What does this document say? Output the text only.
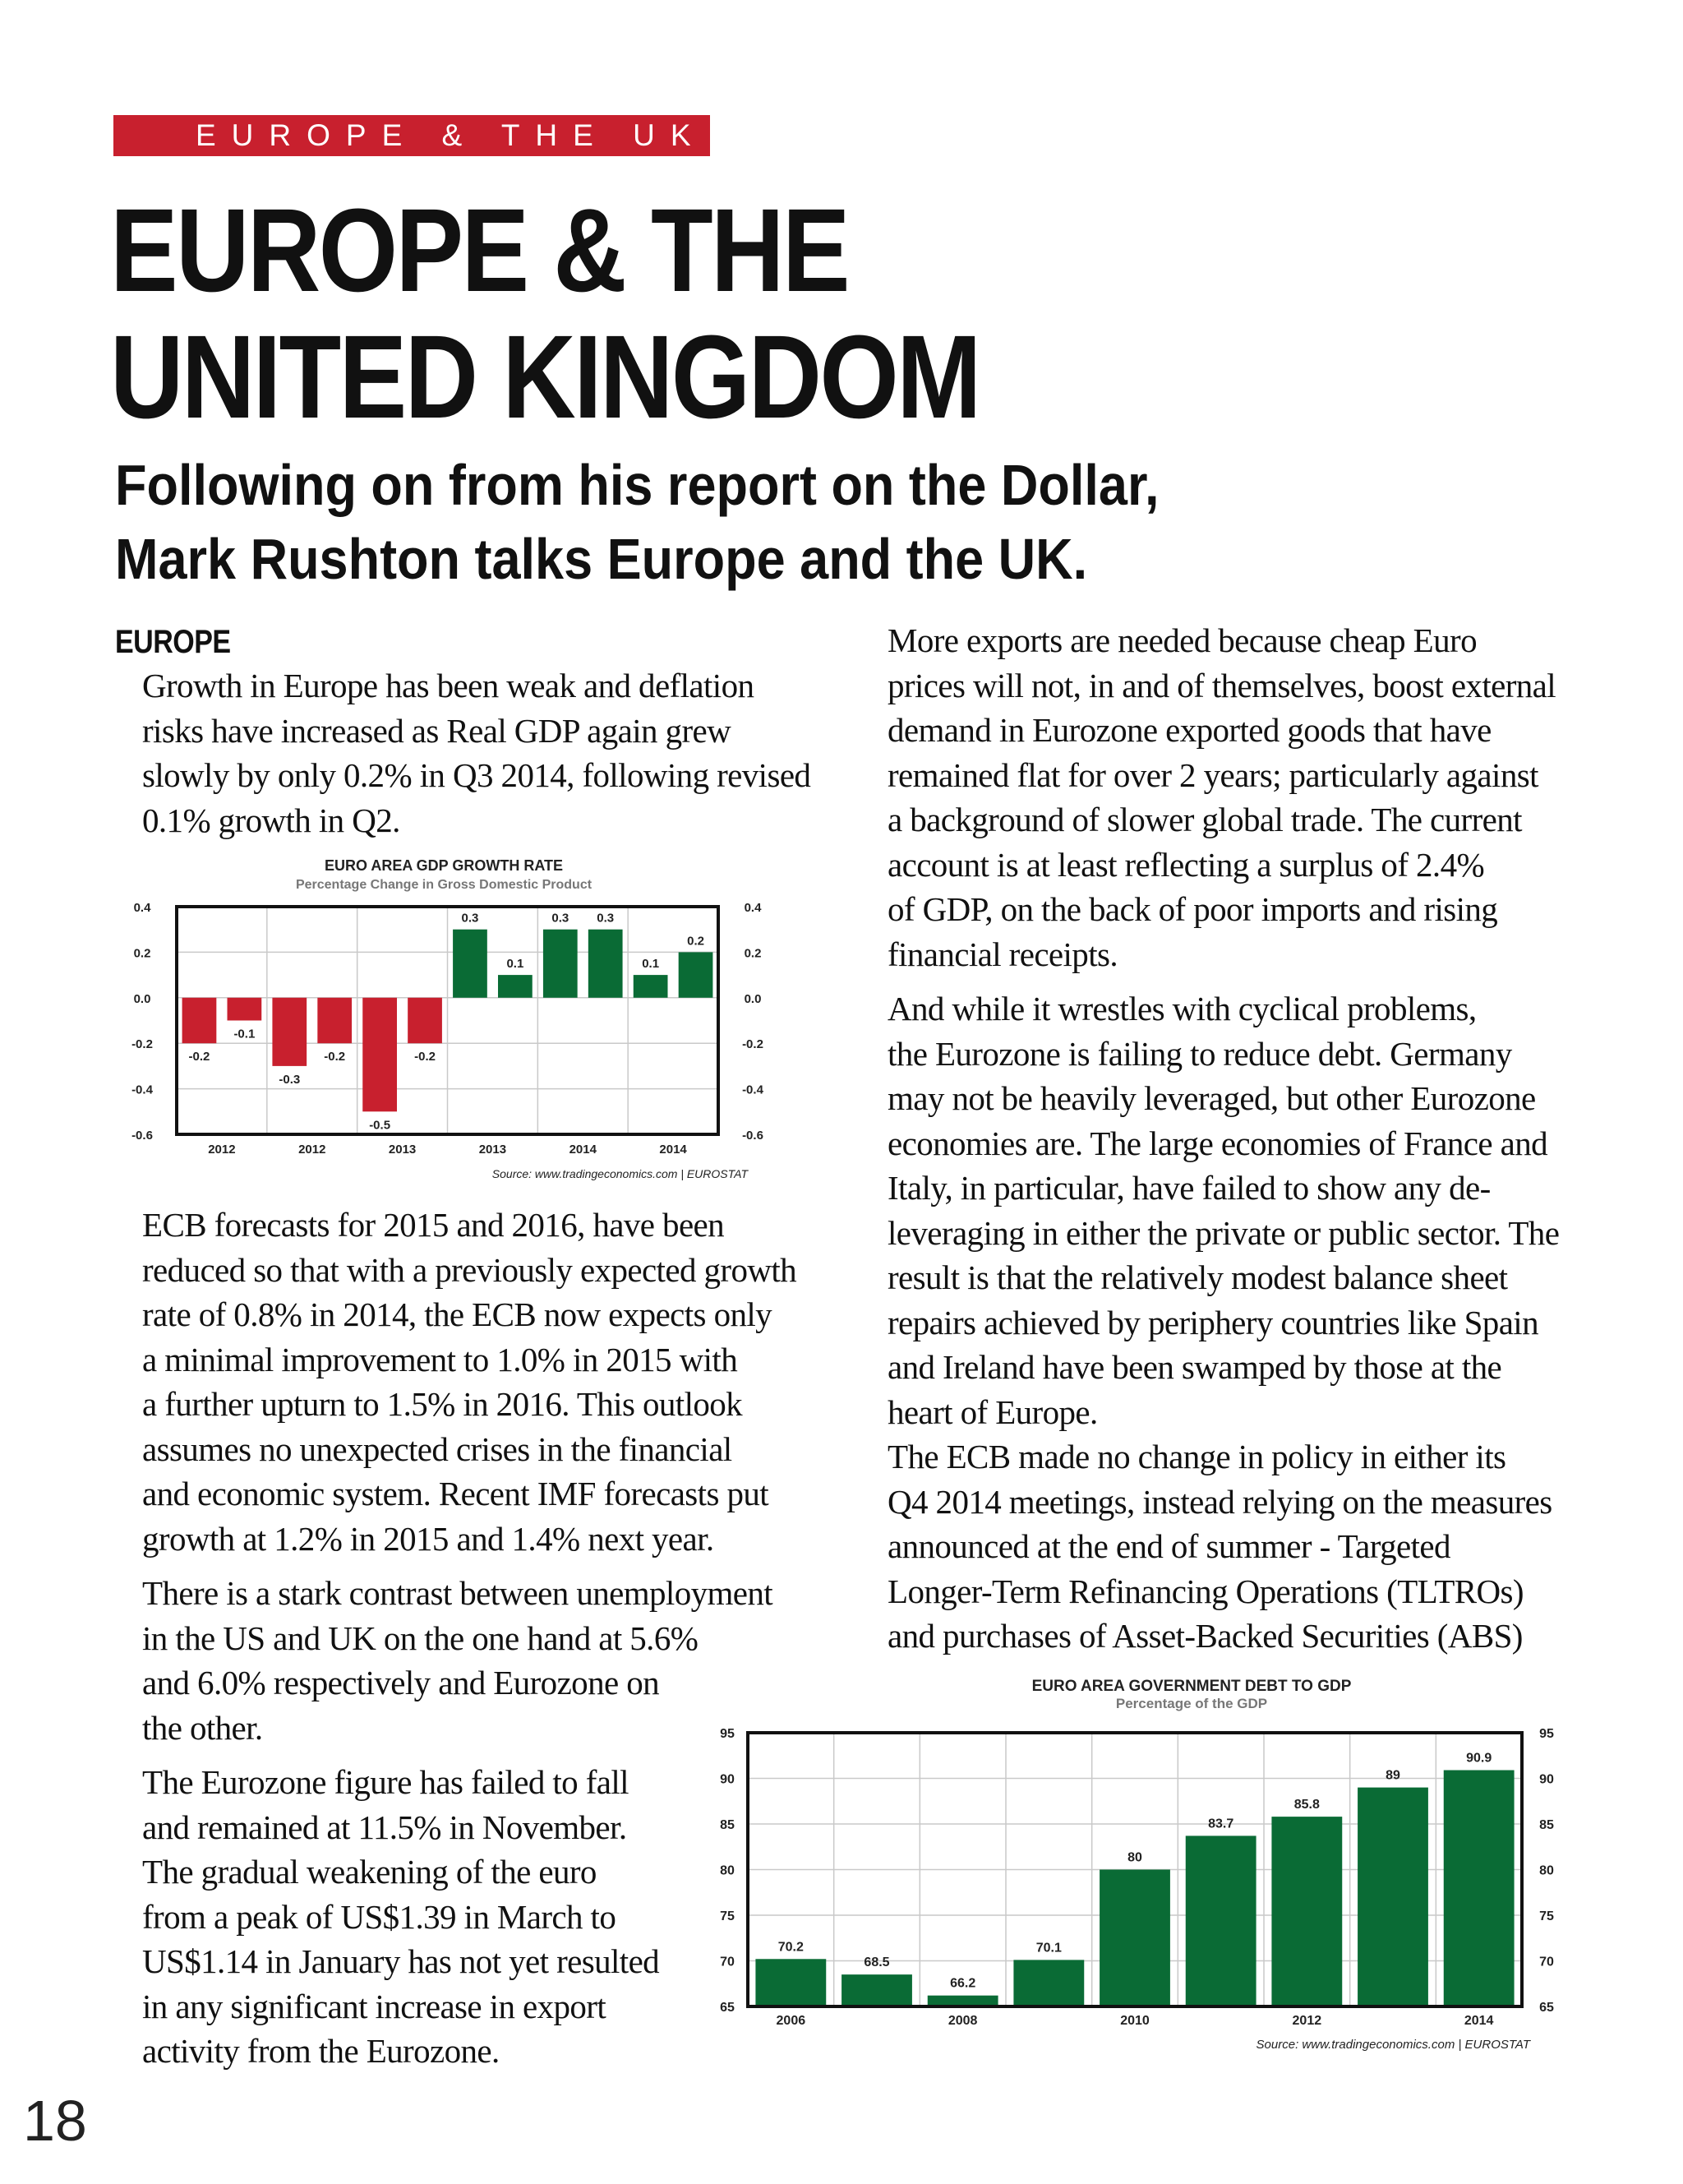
EUROPE & THE UK
EUROPE & THE
UNITED KINGDOM
Following on from his report on the Dollar,
Mark Rushton talks Europe and the UK.
EUROPE

Growth in Europe has been weak and deflation
risks have increased as Real GDP again grew
slowly by only 0.2% in Q3 2014, following revised
0.1% growth in Q2.

ECB forecasts for 2015 and 2016, have been
reduced so that with a previously expected growth
rate of 0.8% in 2014, the ECB now expects only
a minimal improvement to 1.0% in 2015 with
a further upturn to 1.5% in 2016. This outlook
assumes no unexpected crises in the financial
and economic system. Recent IMF forecasts put
growth at 1.2% in 2015 and 1.4% next year.

There is a stark contrast between unemployment
in the US and UK on the one hand at 5.6%
and 6.0% respectively and Eurozone on
the other.

The Eurozone figure has failed to fall
and remained at 11.5% in November.

The gradual weakening of the euro
from a peak of US$1.39 in March to
US$1.14 in January has not yet resulted
in any significant increase in export
activity from the Eurozone.

More exports are needed because cheap Euro
prices will not, in and of themselves, boost external
demand in Eurozone exported goods that have
remained flat for over 2 years; particularly against
a background of slower global trade. The current
account is at least reflecting a surplus of 2.4%
of GDP, on the back of poor imports and rising
financial receipts.

And while it wrestles with cyclical problems,
the Eurozone is failing to reduce debt. Germany
may not be heavily leveraged, but other Eurozone
economies are. The large economies of France and
Italy, in particular, have failed to show any de-
leveraging in either the private or public sector. The
result is that the relatively modest balance sheet
repairs achieved by periphery countries like Spain
and Ireland have been swamped by those at the
heart of Europe.

The ECB made no change in policy in either its
Q4 2014 meetings, instead relying on the measures
announced at the end of summer - Targeted
Longer-Term Refinancing Operations (TLTROs)
and purchases of Asset-Backed Securities (ABS)

EURO AREA GDP GROWTH RATE
Percentage Change in Gross Domestic Product
-0.2
-0.1
-0.3
-0.2
-0.5
-0.2
0.3
0.1
0.3 0.3
0.1
0.2
0.4	0.4
0.2	0.2
0.0	0.0
-0.2	-0.2
-0.4	-0.4
-0.6	-0.6
2012	2012	2013	2013	2014	2014
Source: www.tradingeconomics.com | EUROSTAT
EURO AREA GOVERNMENT DEBT TO GDP
Percentage of the GDP
70.2
68.5
66.2
70.1
80
83.7
85.8
89
90.9
95	95
90	90
85	85
80	80
75	75
70	70
65	65
2006	2008	2010	2012	2014
Source: www.tradingeconomics.com | EUROSTAT
18
